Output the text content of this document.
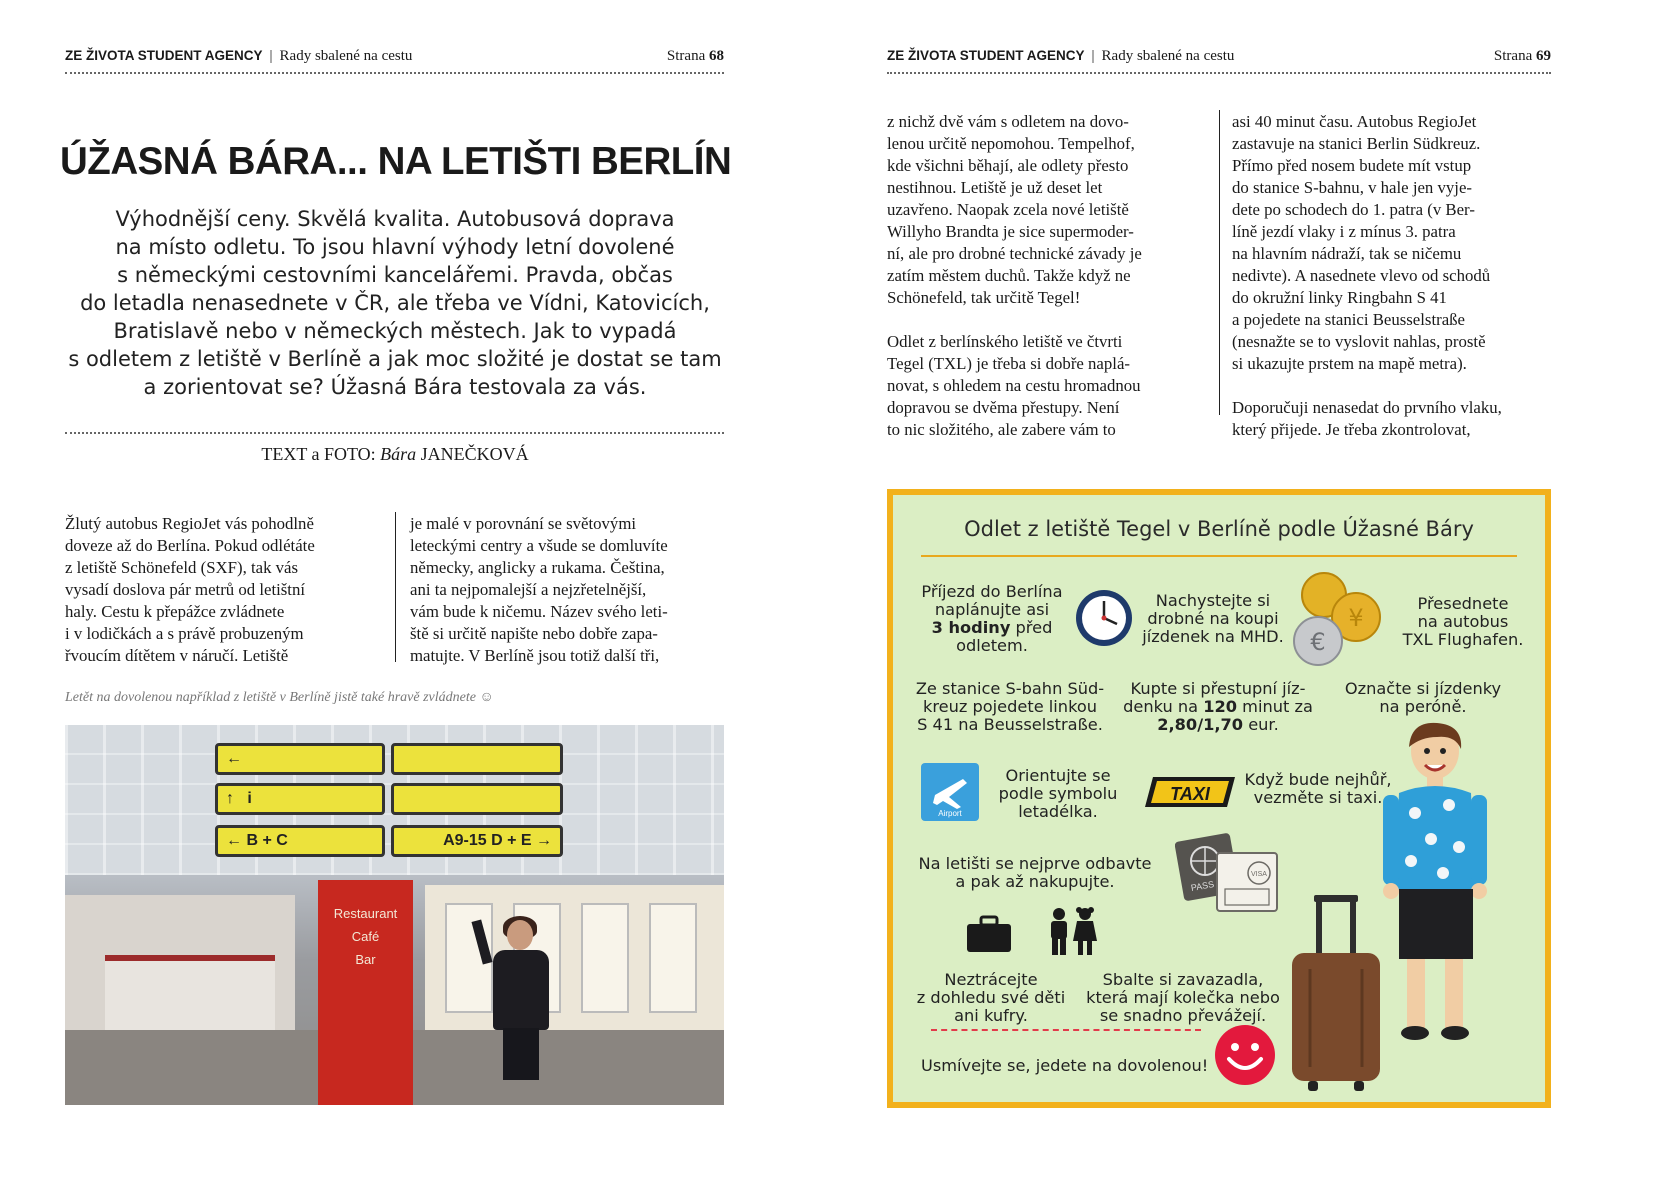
ZE ŽIVOTA STUDENT AGENCY | Rady sbalené na cestu	Strana 68
ÚŽASNÁ BÁRA... NA LETIŠTI BERLÍN
Výhodnější ceny. Skvělá kvalita. Autobusová doprava
na místo odletu. To jsou hlavní výhody letní dovolené
s německými cestovními kancelářemi. Pravda, občas
do letadla nenasednete v ČR, ale třeba ve Vídni, Katovicích,
Bratislavě nebo v německých městech. Jak to vypadá
s odletem z letiště v Berlíně a jak moc složité je dostat se tam
a zorientovat se? Úžasná Bára testovala za vás.
TEXT a FOTO: Bára JANEČKOVÁ
Žlutý autobus RegioJet vás pohodlně
doveze až do Berlína. Pokud odlétáte
z letiště Schönefeld (SXF), tak vás
vysadí doslova pár metrů od letištní
haly. Cestu k přepážce zvládnete
i v lodičkách a s právě probuzeným
řvoucím dítětem v náručí. Letiště
je malé v porovnání se světovými
leteckými centry a všude se domluvíte
německy, anglicky a rukama. Čeština,
ani ta nejpomalejší a nejzřetelnější,
vám bude k ničemu. Název svého leti-
ště si určitě napište nebo dobře zapa-
matujte. V Berlíně jsou totiž další tři,
Letět na dovolenou například z letiště v Berlíně jistě také hravě zvládnete ☺
←
↑ i
← B + C	A9-15 D + E →
Restaurant
Café
Bar
ZE ŽIVOTA STUDENT AGENCY | Rady sbalené na cestu	Strana 69
z nichž dvě vám s odletem na dovo-
lenou určitě nepomohou. Tempelhof,
kde všichni běhají, ale odlety přesto
nestihnou. Letiště je už deset let
uzavřeno. Naopak zcela nové letiště
Willyho Brandta je sice supermoder-
ní, ale pro drobné technické závady je
zatím městem duchů. Takže když ne
Schönefeld, tak určitě Tegel!
Odlet z berlínského letiště ve čtvrti
Tegel (TXL) je třeba si dobře naplá-
novat, s ohledem na cestu hromadnou
dopravou se dvěma přestupy. Není
to nic složitého, ale zabere vám to
asi 40 minut času. Autobus RegioJet
zastavuje na stanici Berlin Südkreuz.
Přímo před nosem budete mít vstup
do stanice S-bahnu, v hale jen vyje-
dete po schodech do 1. patra (v Ber-
líně jezdí vlaky i z mínus 3. patra
na hlavním nádraží, tak se ničemu
nedivte). A nasednete vlevo od schodů
do okružní linky Ringbahn S 41
a pojedete na stanici Beusselstraße
(nesnažte se to vyslovit nahlas, prostě
si ukazujte prstem na mapě metra).
Doporučuji nenasedat do prvního vlaku,
který přijede. Je třeba zkontrolovat,
Odlet z letiště Tegel v Berlíně podle Úžasné Báry
Příjezd do Berlína
naplánujte asi
3 hodiny před
odletem.
Nachystejte si
drobné na koupi
jízdenek na MHD.
¥
€
Přesednete
na autobus
TXL Flughafen.
Ze stanice S-bahn Süd-
kreuz pojedete linkou
S 41 na Beusselstraße.
Kupte si přestupní jíz-
denku na 120 minut za
2,80/1,70 eur.
Označte si jízdenky
na peróně.
Airport
Orientujte se
podle symbolu
letadélka.
TAXI
Když bude nejhůř,
vezměte si taxi.
Na letišti se nejprve odbavte
a pak až nakupujte.	PASS
VISA
Neztrácejte
z dohledu své děti
ani kufry.
Sbalte si zavazadla,
která mají kolečka nebo
se snadno převážejí.
Usmívejte se, jedete na dovolenou!
